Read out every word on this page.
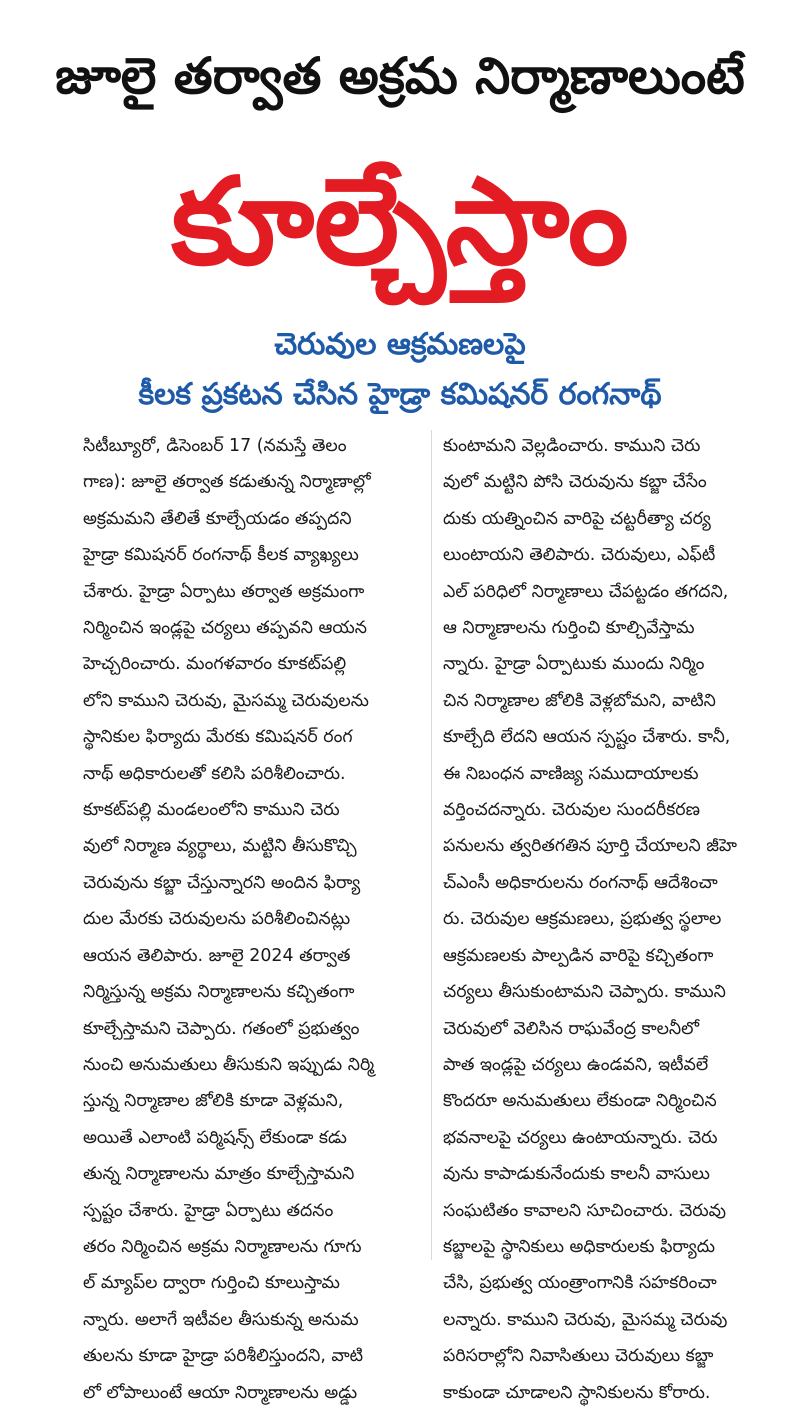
జూలై తర్వాత అక్రమ నిర్మాణాలుంటే
కూల్చేస్తాం
చెరువుల ఆక్రమణలపై
కీలక ప్రకటన చేసిన హైడ్రా కమిషనర్ రంగనాథ్
సిటీబ్యూరో, డిసెంబర్ 17 (నమస్తే తెలం
గాణ): జూలై తర్వాత కడుతున్న నిర్మాణాల్లో
అక్రమమని తేలితే కూల్చేయడం తప్పదని
హైడ్రా కమిషనర్ రంగనాథ్ కీలక వ్యాఖ్యలు
చేశారు. హైడ్రా ఏర్పాటు తర్వాత అక్రమంగా
నిర్మించిన ఇండ్లపై చర్యలు తప్పవని ఆయన
హెచ్చరించారు. మంగళవారం కూకట్‌పల్లి
లోని కాముని చెరువు, మైసమ్మ చెరువులను
స్థానికుల ఫిర్యాదు మేరకు కమిషనర్ రంగ
నాథ్ అధికారులతో కలిసి పరిశీలించారు.
కూకట్‌పల్లి మండలంలోని కాముని చెరు
వులో నిర్మాణ వ్యర్థాలు, మట్టిని తీసుకొచ్చి
చెరువును కబ్జా చేస్తున్నారని అందిన ఫిర్యా
దుల మేరకు చెరువులను పరిశీలించినట్లు
ఆయన తెలిపారు. జూలై 2024 తర్వాత
నిర్మిస్తున్న అక్రమ నిర్మాణాలను కచ్చితంగా
కూల్చేస్తామని చెప్పారు. గతంలో ప్రభుత్వం
నుంచి అనుమతులు తీసుకుని ఇప్పుడు నిర్మి
స్తున్న నిర్మాణాల జోలికి కూడా వెళ్లమని,
అయితే ఎలాంటి పర్మిషన్స్ లేకుండా కడు
తున్న నిర్మాణాలను మాత్రం కూల్చేస్తామని
స్పష్టం చేశారు. హైడ్రా ఏర్పాటు తదనం
తరం నిర్మించిన అక్రమ నిర్మాణాలను గూగు
ల్ మ్యాప్‌ల ద్వారా గుర్తించి కూలుస్తామ
న్నారు. అలాగే ఇటీవల తీసుకున్న అనుమ
తులను కూడా హైడ్రా పరిశీలిస్తుందని, వాటి
లో లోపాలుంటే ఆయా నిర్మాణాలను అడ్డు
కుంటామని వెల్లడించారు. కాముని చెరు
వులో మట్టిని పోసి చెరువును కబ్జా చేసేం
దుకు యత్నించిన వారిపై చట్టరీత్యా చర్య
లుంటాయని తెలిపారు. చెరువులు, ఎఫ్‌టీ
ఎల్ పరిధిలో నిర్మాణాలు చేపట్టడం తగదని,
ఆ నిర్మాణాలను గుర్తించి కూల్చివేస్తామ
న్నారు. హైడ్రా ఏర్పాటుకు ముందు నిర్మిం
చిన నిర్మాణాల జోలికి వెళ్లబోమని, వాటిని
కూల్చేది లేదని ఆయన స్పష్టం చేశారు. కానీ,
ఈ నిబంధన వాణిజ్య సముదాయాలకు
వర్తించదన్నారు. చెరువుల సుందరీకరణ
పనులను త్వరితగతిన పూర్తి చేయాలని జీహె
చ్‌ఎంసీ అధికారులను రంగనాథ్ ఆదేశించా
రు. చెరువుల ఆక్రమణలు, ప్రభుత్వ స్థలాల
ఆక్రమణలకు పాల్పడిన వారిపై కచ్చితంగా
చర్యలు తీసుకుంటామని చెప్పారు. కాముని
చెరువులో వెలిసిన రాఘవేంద్ర కాలనీలో
పాత ఇండ్లపై చర్యలు ఉండవని, ఇటీవలే
కొందరూ అనుమతులు లేకుండా నిర్మించిన
భవనాలపై చర్యలు ఉంటాయన్నారు. చెరు
వును కాపాడుకునేందుకు కాలనీ వాసులు
సంఘటితం కావాలని సూచించారు. చెరువు
కబ్జాలపై స్థానికులు అధికారులకు ఫిర్యాదు
చేసి, ప్రభుత్వ యంత్రాంగానికి సహకరించా
లన్నారు. కాముని చెరువు, మైసమ్మ చెరువు
పరిసరాల్లోని నివాసితులు చెరువులు కబ్జా
కాకుండా చూడాలని స్థానికులను కోరారు.
